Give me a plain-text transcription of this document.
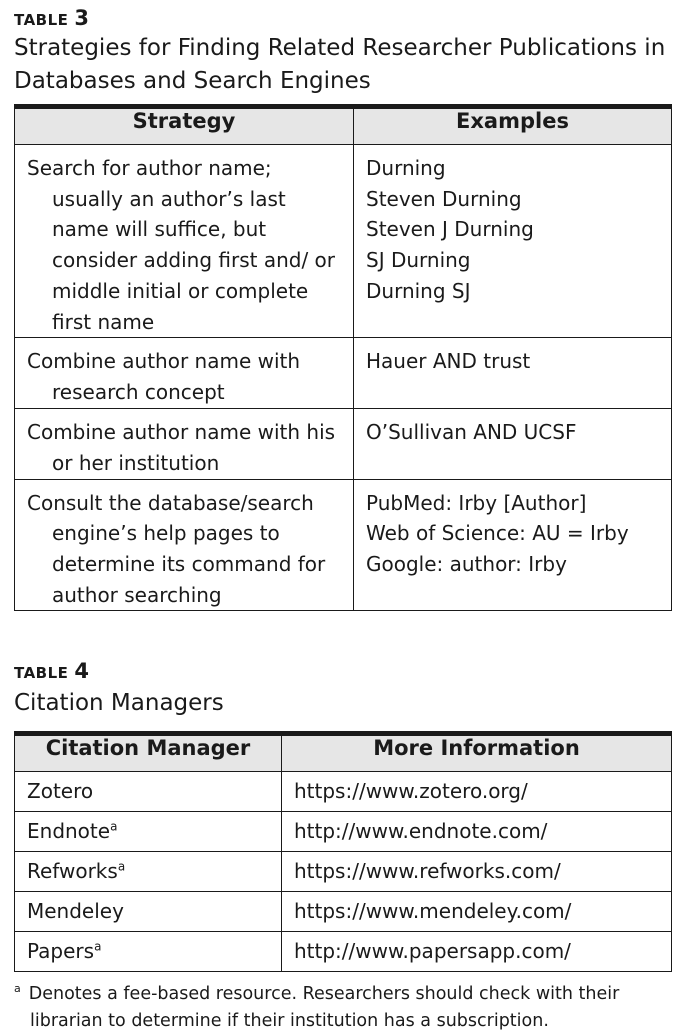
TABLE 3
Strategies for Finding Related Researcher Publications in Databases and Search Engines
Strategy	Examples

Search for author name; usually an author’s last name will suffice, but consider adding first and/ or middle initial or complete first name	Durning
Steven Durning
Steven J Durning
SJ Durning
Durning SJ

Combine author name with research concept	Hauer AND trust

Combine author name with his or her institution	O’Sullivan AND UCSF

Consult the database/search engine’s help pages to determine its command for author searching	PubMed: Irby [Author]
Web of Science: AU = Irby
Google: author: Irby
TABLE 4
Citation Managers
Citation Manager	More Information
Zotero	https://www.zotero.org/
Endnote$^a$	http://www.endnote.com/
Refworks$^a$	https://www.refworks.com/
Mendeley	https://www.mendeley.com/
Papers$^a$	http://www.papersapp.com/
$^a$ Denotes a fee-based resource. Researchers should check with their librarian to determine if their institution has a subscription.
